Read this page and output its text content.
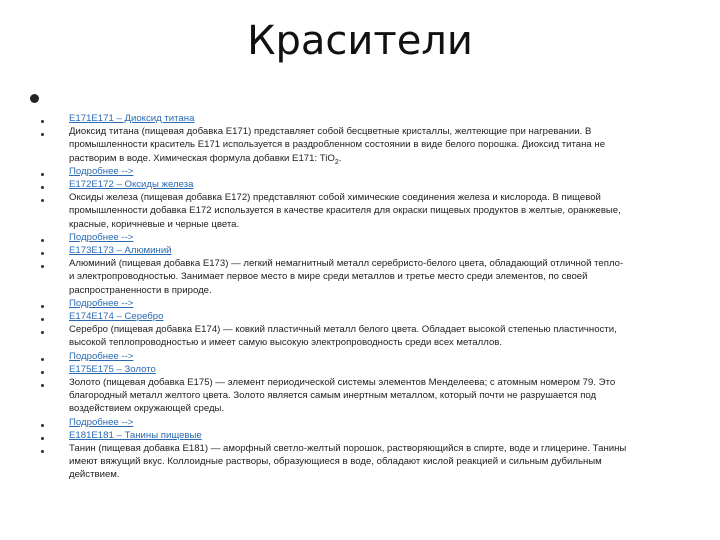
Красители
E171E171 – Диоксид титана
Диоксид титана (пищевая добавка Е171) представляет собой бесцветные кристаллы, желтеющие при нагревании. В
промышленности краситель Е171 используется в раздробленном состоянии в виде белого порошка. Диоксид титана не
растворим в воде. Химическая формула добавки Е171: TiO$_2$.
Подробнее -->
E172E172 – Оксиды железа
Оксиды железа (пищевая добавка Е172) представляют собой химические соединения железа и кислорода. В пищевой
промышленности добавка Е172 используется в качестве красителя для окраски пищевых продуктов в желтые, оранжевые,
красные, коричневые и черные цвета.
Подробнее -->
E173E173 – Алюминий
Алюминий (пищевая добавка Е173) — легкий немагнитный металл серебристо-белого цвета, обладающий отличной тепло-
и электропроводностью. Занимает первое место в мире среди металлов и третье место среди элементов, по своей
распространенности в природе.
Подробнее -->
E174E174 – Серебро
Серебро (пищевая добавка Е174) — ковкий пластичный металл белого цвета. Обладает высокой степенью пластичности,
высокой теплопроводностью и имеет самую высокую электропроводность среди всех металлов.
Подробнее -->
E175E175 – Золото
Золото (пищевая добавка Е175) — элемент периодической системы элементов Менделеева; с атомным номером 79. Это
благородный металл желтого цвета. Золото является самым инертным металлом, который почти не разрушается под
воздействием окружающей среды.
Подробнее -->
E181E181 – Танины пищевые
Танин (пищевая добавка Е181) — аморфный светло-желтый порошок, растворяющийся в спирте, воде и глицерине. Танины
имеют вяжущий вкус. Коллоидные растворы, образующиеся в воде, обладают кислой реакцией и сильным дубильным
действием.
